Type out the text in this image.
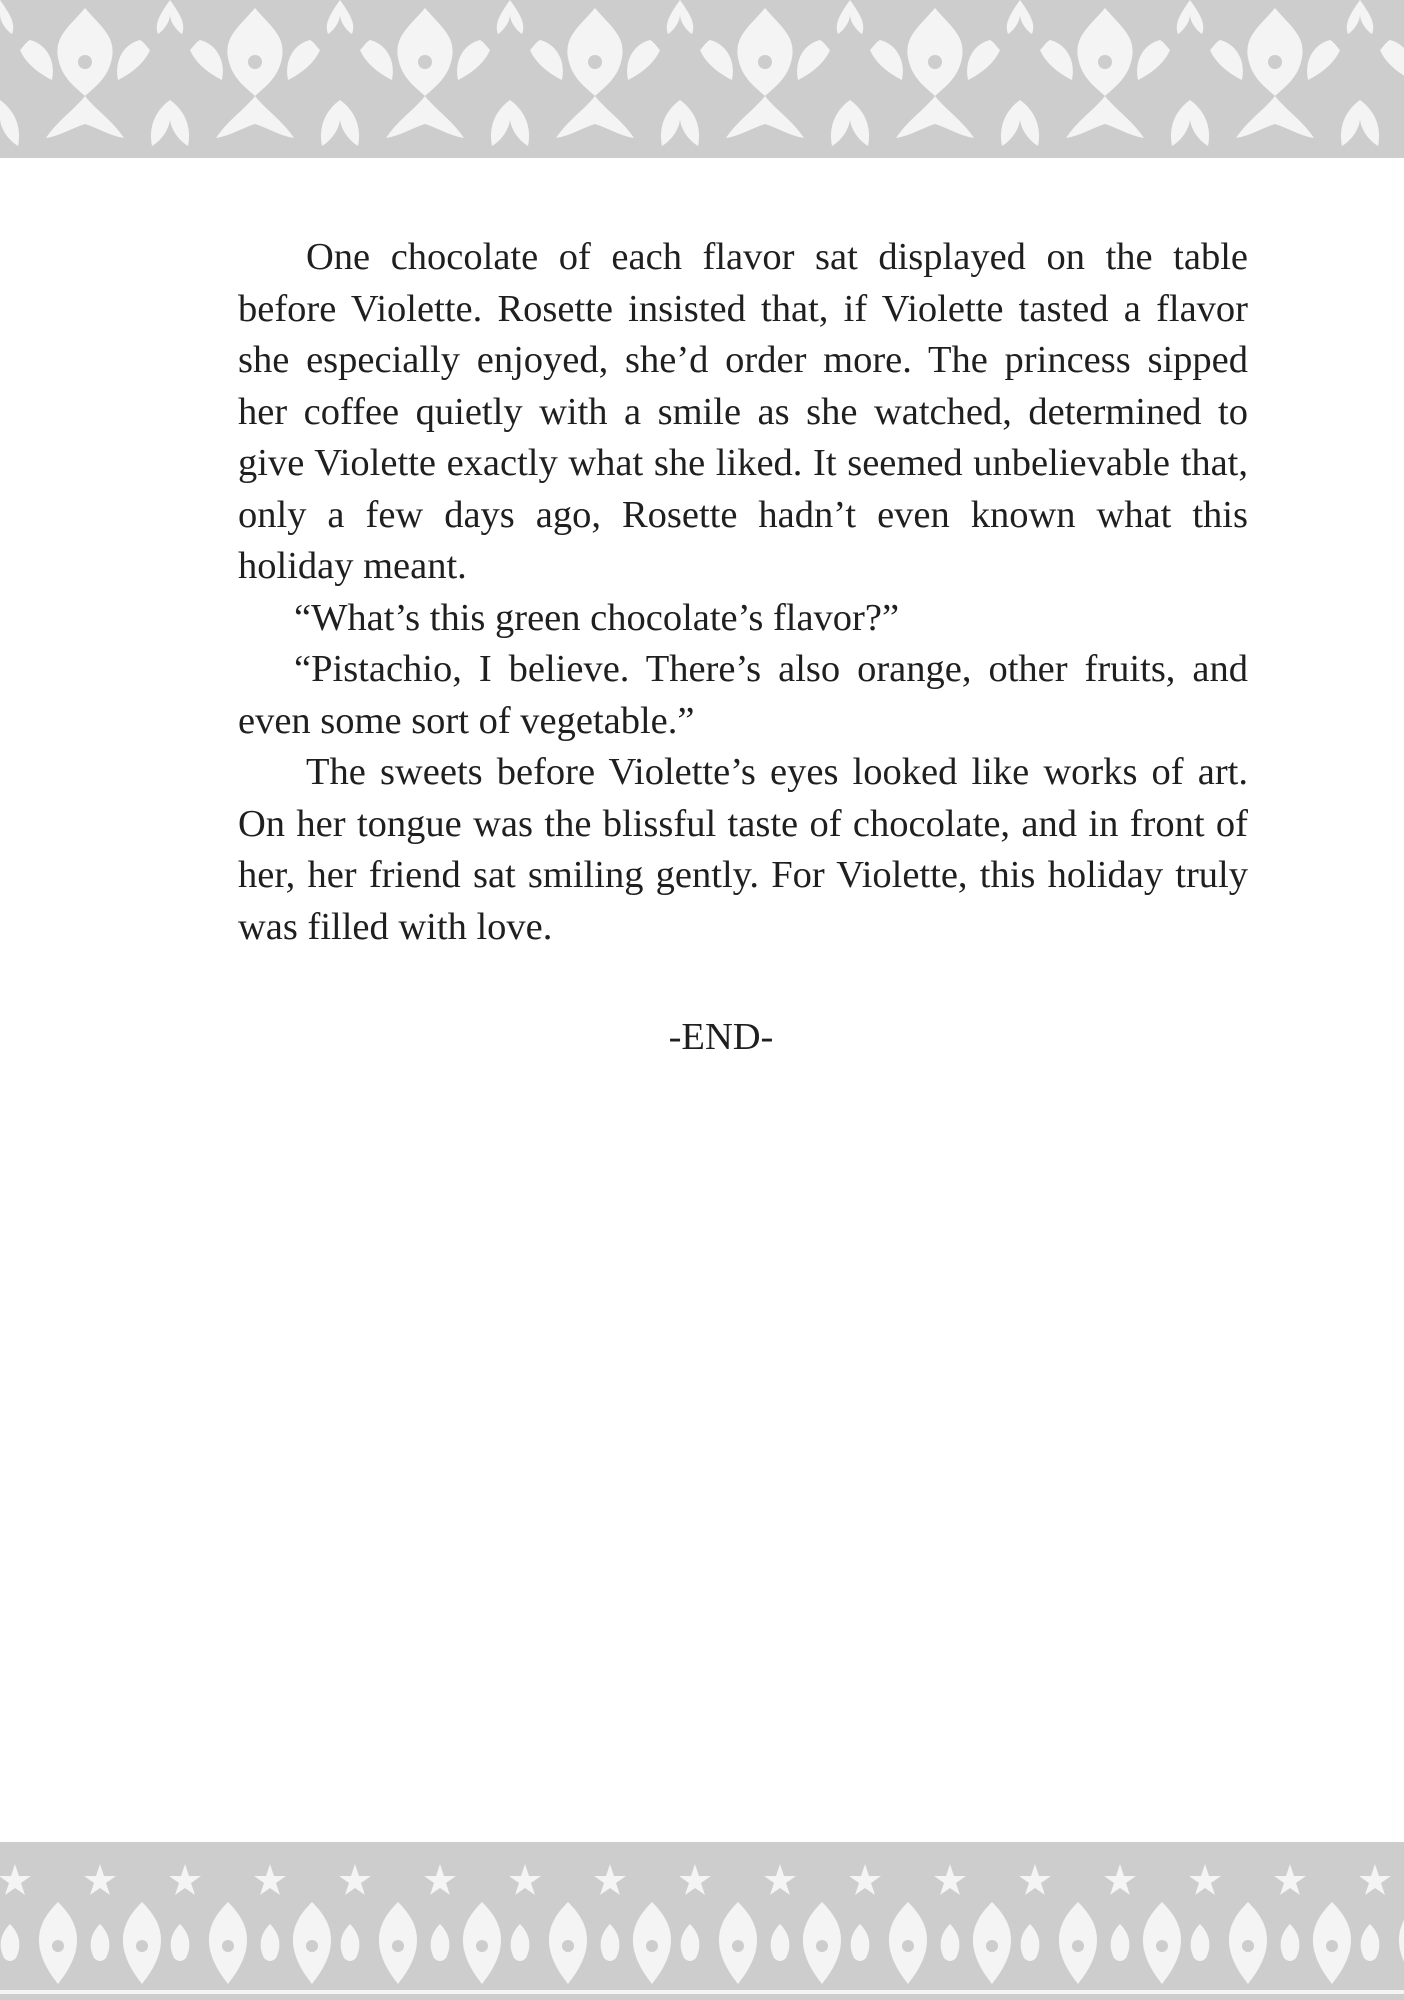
One chocolate of each flavor sat displayed on the table before Violette. Rosette insisted that, if Violette tasted a flavor she especially enjoyed, she’d order more. The princess sipped her coffee quietly with a smile as she watched, determined to give Violette exactly what she liked. It seemed unbelievable that, only a few days ago, Rosette hadn’t even known what this holiday meant.

“What’s this green chocolate’s flavor?”

“Pistachio, I believe. There’s also orange, other fruits, and even some sort of vegetable.”

The sweets before Violette’s eyes looked like works of art. On her tongue was the blissful taste of chocolate, and in front of her, her friend sat smiling gently. For Violette, this holiday truly was filled with love.

-END-
